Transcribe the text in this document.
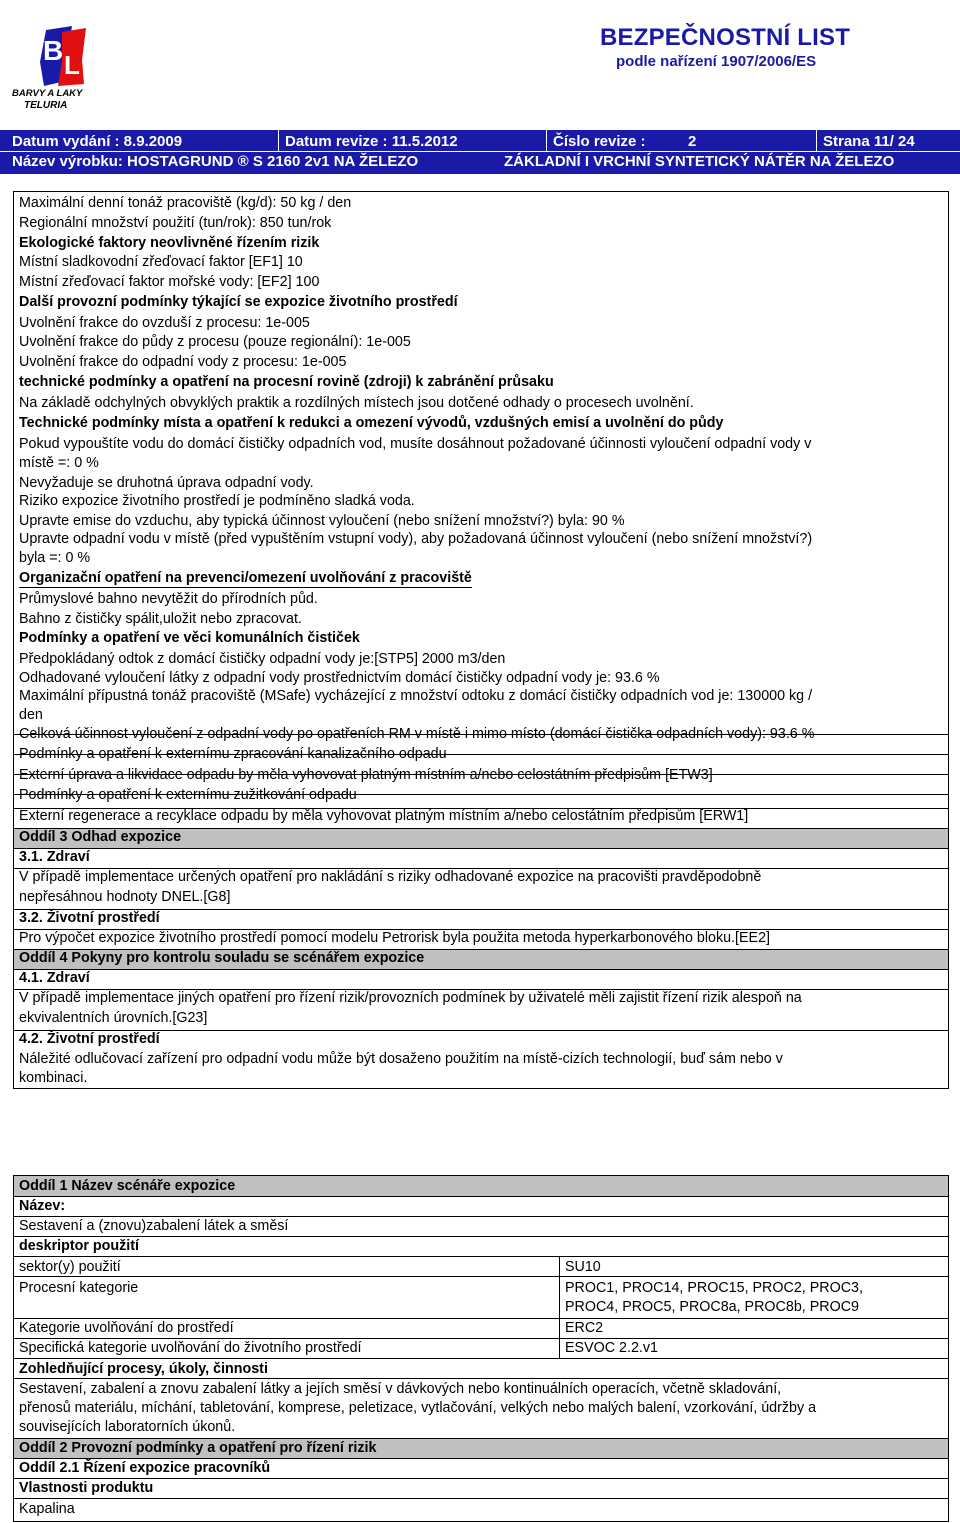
B L
BARVY A LAKY
TELURIA
BEZPEČNOSTNÍ LIST
podle nařízení 1907/2006/ES
Datum vydání : 8.9.2009	Datum revize : 11.5.2012	Číslo revize :	2	Strana 11/ 24
Název výrobku: HOSTAGRUND ® S 2160 2v1 NA ŽELEZO	ZÁKLADNÍ I VRCHNÍ SYNTETICKÝ NÁTĚR NA ŽELEZO
Maximální denní tonáž pracoviště (kg/d): 50 kg / den
Regionální množství použití (tun/rok): 850 tun/rok
Ekologické faktory neovlivněné řízením rizik
Místní sladkovodní zřeďovací faktor [EF1] 10
Místní zřeďovací faktor mořské vody: [EF2] 100
Další provozní podmínky týkající se expozice životního prostředí
Uvolnění frakce do ovzduší z procesu: 1e-005
Uvolnění frakce do půdy z procesu (pouze regionální): 1e-005
Uvolnění frakce do odpadní vody z procesu: 1e-005
technické podmínky a opatření na procesní rovině (zdroji) k zabránění průsaku
Na základě odchylných obvyklých praktik a rozdílných místech jsou dotčené odhady o procesech uvolnění.
Technické podmínky místa a opatření k redukci a omezení vývodů, vzdušných emisí a uvolnění do půdy
Pokud vypouštíte vodu do domácí čističky odpadních vod, musíte dosáhnout požadované účinnosti vyloučení odpadní vody v
místě =: 0 %
Nevyžaduje se druhotná úprava odpadní vody.
Riziko expozice životního prostředí je podmíněno sladká voda.
Upravte emise do vzduchu, aby typická účinnost vyloučení (nebo snížení množství?) byla: 90 %
Upravte odpadní vodu v místě (před vypuštěním vstupní vody), aby požadovaná účinnost vyloučení (nebo snížení množství?)
byla =: 0 %
Organizační opatření na prevenci/omezení uvolňování z pracoviště
Průmyslové bahno nevytěžit do přírodních půd.
Bahno z čističky spálit,uložit nebo zpracovat.
Podmínky a opatření ve věci komunálních čističek
Předpokládaný odtok z domácí čističky odpadní vody je:[STP5] 2000 m3/den
Odhadované vyloučení látky z odpadní vody prostřednictvím domácí čističky odpadní vody je: 93.6 %
Maximální přípustná tonáž pracoviště (MSafe) vycházející z množství odtoku z domácí čističky odpadních vod je: 130000 kg /
den
Celková účinnost vyloučení z odpadní vody po opatřeních RM v místě i mimo místo (domácí čistička odpadních vody): 93.6 %
Podmínky a opatření k externímu zpracování kanalizačního odpadu
Externí úprava a likvidace odpadu by měla vyhovovat platným místním a/nebo celostátním předpisům [ETW3]
Podmínky a opatření k externímu zužitkování odpadu
Externí regenerace a recyklace odpadu by měla vyhovovat platným místním a/nebo celostátním předpisům [ERW1]
Oddíl 3 Odhad expozice
3.1. Zdraví
V případě implementace určených opatření pro nakládání s riziky odhadované expozice na pracovišti pravděpodobně
nepřesáhnou hodnoty DNEL.[G8]
3.2. Životní prostředí
Pro výpočet expozice životního prostředí pomocí modelu Petrorisk byla použita metoda hyperkarbonového bloku.[EE2]
Oddíl 4 Pokyny pro kontrolu souladu se scénářem expozice
4.1. Zdraví
V případě implementace jiných opatření pro řízení rizik/provozních podmínek by uživatelé měli zajistit řízení rizik alespoň na
ekvivalentních úrovních.[G23]
4.2. Životní prostředí
Náležité odlučovací zařízení pro odpadní vodu může být dosaženo použitím na místě-cizích technologií, buď sám nebo v
kombinaci.
Oddíl 1 Název scénáře expozice
Název:
Sestavení a (znovu)zabalení látek a směsí
deskriptor použití
sektor(y) použití	SU10
Procesní kategorie	PROC1, PROC14, PROC15, PROC2, PROC3,
PROC4, PROC5, PROC8a, PROC8b, PROC9
Kategorie uvolňování do prostředí	ERC2
Specifická kategorie uvolňování do životního prostředí	ESVOC 2.2.v1
Zohledňující procesy, úkoly, činnosti
Sestavení, zabalení a znovu zabalení látky a jejích směsí v dávkových nebo kontinuálních operacích, včetně skladování,
přenosů materiálu, míchání, tabletování, komprese, peletizace, vytlačování, velkých nebo malých balení, vzorkování, údržby a
souvisejících laboratorních úkonů.
Oddíl 2 Provozní podmínky a opatření pro řízení rizik
Oddíl 2.1 Řízení expozice pracovníků
Vlastnosti produktu
Kapalina
